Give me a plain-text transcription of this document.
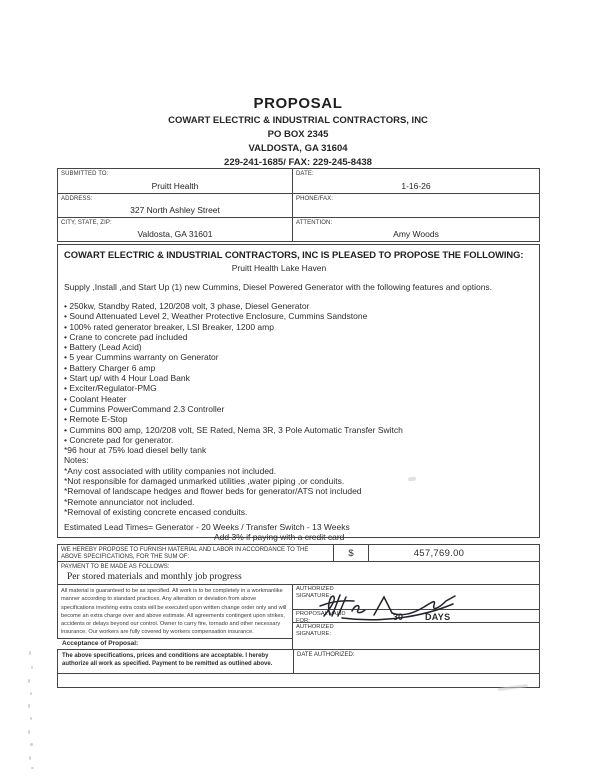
PROPOSAL
COWART ELECTRIC & INDUSTRIAL CONTRACTORS, INC
PO BOX 2345
VALDOSTA, GA 31604
229-241-1685/ FAX: 229-245-8438
SUBMITTED TO:
Pruitt Health
DATE:
1-16-26
ADDRESS:
327 North Ashley Street
PHONE/FAX:
CITY, STATE, ZIP:
Valdosta, GA 31601
ATTENTION:
Amy Woods
COWART ELECTRIC & INDUSTRIAL CONTRACTORS, INC IS PLEASED TO PROPOSE THE FOLLOWING:
Pruitt Health Lake Haven
Supply ,Install ,and Start Up (1) new Cummins, Diesel Powered Generator with the following features and options.
• 250kw, Standby Rated, 120/208 volt, 3 phase, Diesel Generator
• Sound Attenuated Level 2, Weather Protective Enclosure, Cummins Sandstone
• 100% rated generator breaker, LSI Breaker, 1200 amp
• Crane to concrete pad included
• Battery (Lead Acid)
• 5 year Cummins warranty on Generator
• Battery Charger 6 amp
• Start up/ with 4 Hour Load Bank
• Exciter/Regulator-PMG
• Coolant Heater
• Cummins PowerCommand 2.3 Controller
• Remote E-Stop
• Cummins 800 amp, 120/208 volt, SE Rated, Nema 3R, 3 Pole Automatic Transfer Switch
• Concrete pad for generator.
*96 hour at 75% load diesel belly tank
Notes:
*Any cost associated with utility companies not included.
*Not responsible for damaged unmarked utilities ,water piping ,or conduits.
*Removal of landscape hedges and flower beds for generator/ATS not included
*Remote annunciator not included.
*Removal of existing concrete encased conduits.
Estimated Lead Times= Generator - 20 Weeks / Transfer Switch - 13 Weeks
Add 3% if paying with a credit card
WE HEREBY PROPOSE TO FURNISH MATERIAL AND LABOR IN ACCORDANCE TO THE ABOVE SPECIFICATIONS, FOR THE SUM OF:	$	457,769.00
PAYMENT TO BE MADE AS FOLLOWS:
Per stored materials and monthly job progress
All material is guaranteed to be as specified. All work is to be completely in a workmanlike manner according to standard practices. Any alteration or deviation from above specifications involving extra costs will be executed upon written change order only and will become an extra charge over and above estimate. All agreements contingent upon strikes, accidents or delays beyond our control. Owner to carry fire, tornado and other necessary insurance. Our workers are fully covered by workers compensation insurance.
AUTHORIZED SIGNATURE:
PROPOSAL VALID FOR:	30 DAYS
AUTHORIZED SIGNATURE:
Acceptance of Proposal:
The above specifications, prices and conditions are acceptable. I hereby authorize all work as specified. Payment to be remitted as outlined above.
DATE AUTHORIZED:
